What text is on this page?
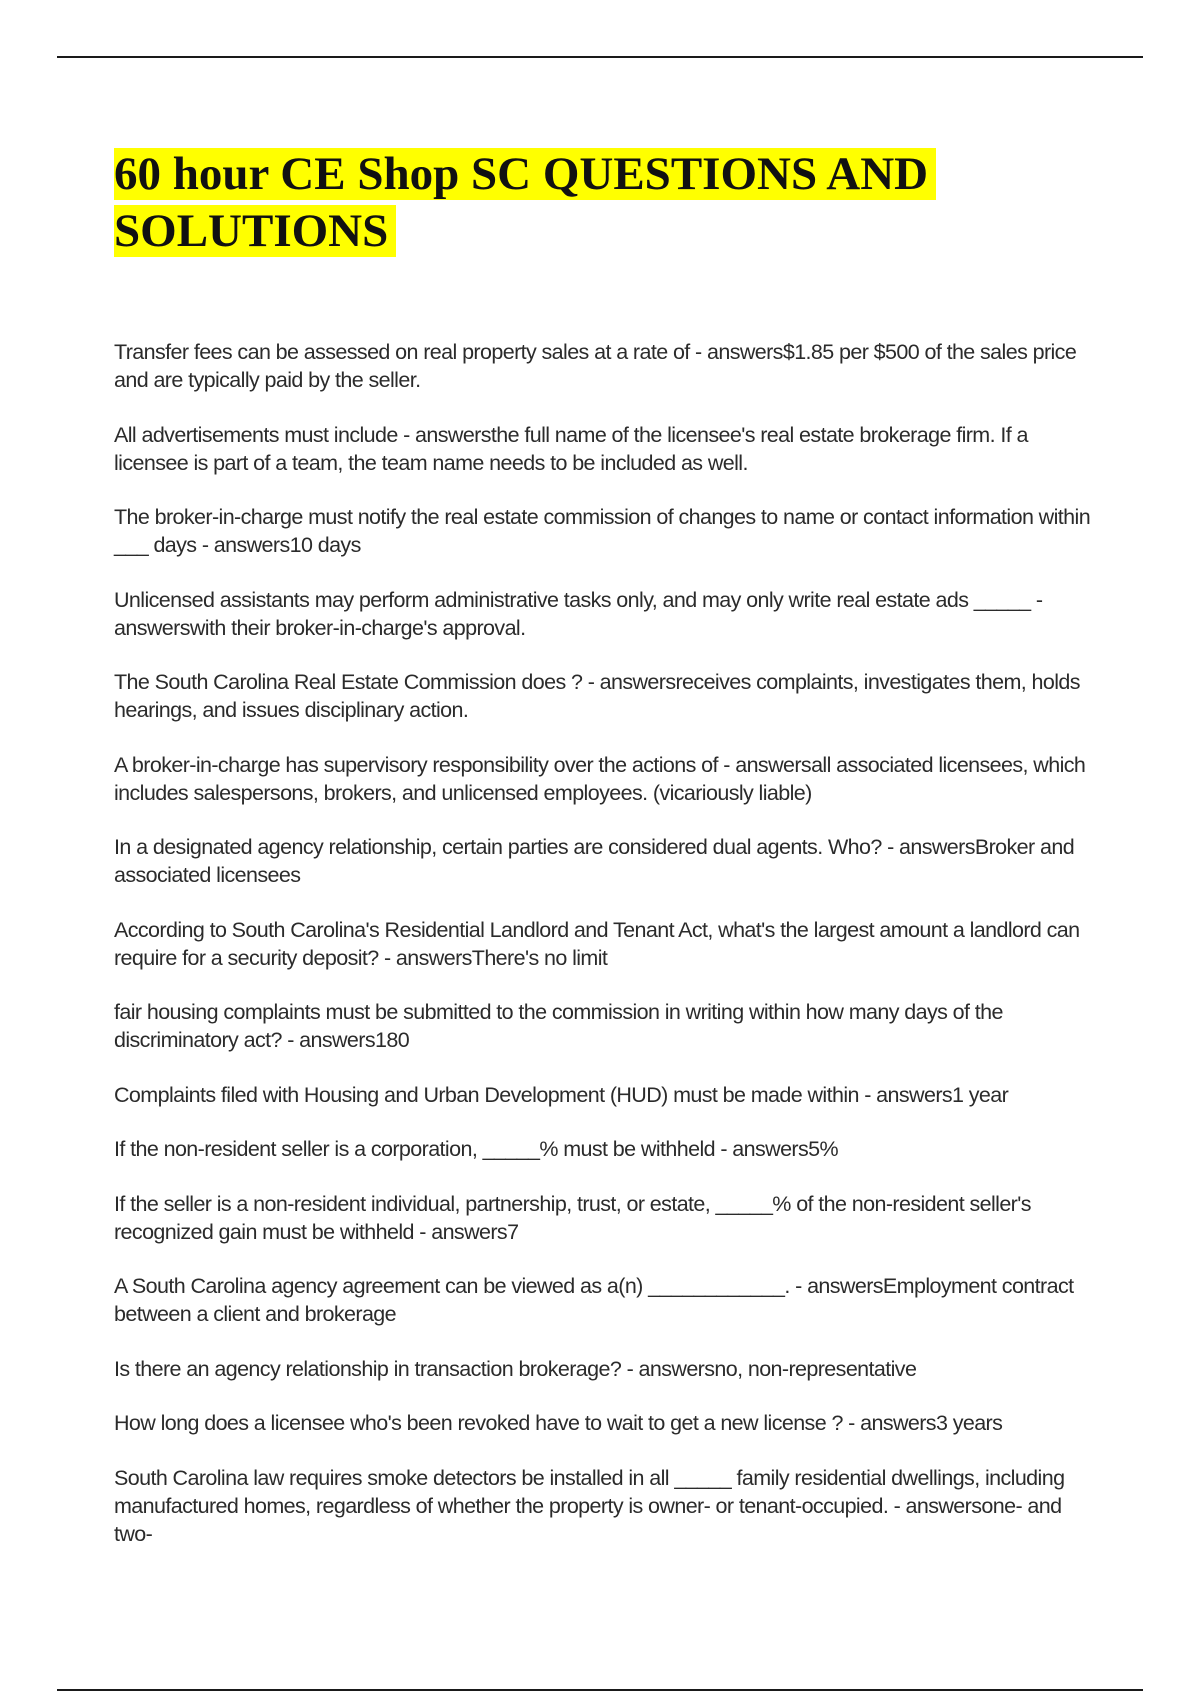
60 hour CE Shop SC QUESTIONS AND SOLUTIONS
Transfer fees can be assessed on real property sales at a rate of - answers$1.85 per $500 of the sales price and are typically paid by the seller.
All advertisements must include - answersthe full name of the licensee's real estate brokerage firm. If a licensee is part of a team, the team name needs to be included as well.
The broker-in-charge must notify the real estate commission of changes to name or contact information within ___ days - answers10 days
Unlicensed assistants may perform administrative tasks only, and may only write real estate ads _____ - answerswith their broker-in-charge's approval.
The South Carolina Real Estate Commission does ? - answersreceives complaints, investigates them, holds hearings, and issues disciplinary action.
A broker-in-charge has supervisory responsibility over the actions of - answersall associated licensees, which includes salespersons, brokers, and unlicensed employees. (vicariously liable)
In a designated agency relationship, certain parties are considered dual agents. Who? - answersBroker and associated licensees
According to South Carolina's Residential Landlord and Tenant Act, what's the largest amount a landlord can require for a security deposit? - answersThere's no limit
fair housing complaints must be submitted to the commission in writing within how many days of the discriminatory act? - answers180
Complaints filed with Housing and Urban Development (HUD) must be made within - answers1 year
If the non-resident seller is a corporation, _____% must be withheld - answers5%
If the seller is a non-resident individual, partnership, trust, or estate, _____% of the non-resident seller's recognized gain must be withheld - answers7
A South Carolina agency agreement can be viewed as a(n) ____________. - answersEmployment contract between a client and brokerage
Is there an agency relationship in transaction brokerage? - answersno, non-representative
How long does a licensee who's been revoked have to wait to get a new license ? - answers3 years
South Carolina law requires smoke detectors be installed in all _____ family residential dwellings, including manufactured homes, regardless of whether the property is owner- or tenant-occupied. - answersone- and two-
